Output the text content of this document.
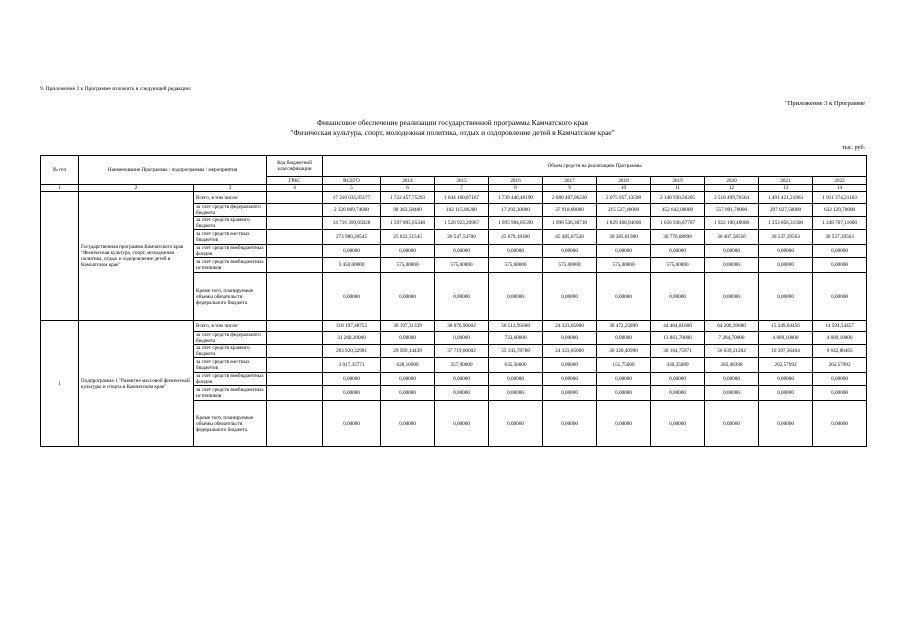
9. Приложение 3 к Программе изложить в следующей редакции:
"Приложение 3 к Программе
Финансовое обеспечение реализации государственной программы Камчатского края
"Физическая культура, спорт, молодежная политика, отдых и оздоровление детей в Камчатском крае"
тыс. руб.
№ п/п	Наименование Программы / подпрограммы / мероприятия		Код бюджетной классификации	Объем средств на реализацию Программы									
			ГРБС	ВСЕГО	2014	2015	2016	2017	2018	2019	2020	2021	2022
1	2	3	4	5	6	7	8	9	10	11	12	13	14
	Государственная программа Камчатского края "Физическая культура, спорт, молодежная политика, отдых и оздоровление детей в Камчатском крае"	Всего, в том числе:		17 310 635,95177	1 722 457,75293	1 644 160,87167	1 739 440,40190	2 080 407,06230	2 075 957,13598	2 140 930,56205	2 510 499,76564	1 491 421,21063	1 911 374,21163
		за счет средств федерального бюджета		2 320 809,74600	98 363,58400	102 115,06200	17 292,30000	37 910,00000	215 527,40000	452 642,00000	557 991,70000	207 027,50000	632 129,70000
		за счет средств краевого бюджета		14 716 399,05028	1 597 895,65348	1 520 923,20967	1 695 984,05590	1 996 536,38710	1 829 468,94698	1 656 936,87707	1 922 100,48008	1 253 856,31500	1 248 707,11600
		за счет средств местных бюджетов		273 980,20545	25 623,51545	20 547,54700	25 679,18300	45 485,67520	30 385,81900	30 776,08898	30 407,58556	30 537,39563	30 537,39563
		за счет средств внебюджетных фондов		0,00000	0,00000	0,00000	0,00000	0,00000	0,00000	0,00000	0,00000	0,00000	0,00000
		за счет средств внебюджетных источников		3 450,00000	575,00000	575,00000	575,00000	575,00000	575,00000	575,00000	0,00000	0,00000	0,00000
		Кроме того, планируемые объемы обязательств федерального бюджета		0,00000	0,00000	0,00000	0,00000	0,00000	0,00000	0,00000	0,00000	0,00000	0,00000
1	Подпрограмма 1 "Развитие массовой физической культуры и спорта в Камчатском крае"	Всего, в том числе:		318 197,48752	30 197,31339	38 076,90602	56 512,95668	24 323,65000	30 472,25890	44 464,81660	64 206,39680	15 349,04456	14 594,54457
		за счет средств федерального бюджета		31 260,20000	0,00000	0,00000	733,60000	0,00000	0,00000	13 863,70000	7 284,70000	4 689,10000	4 689,10000
		за счет средств краевого бюджета		283 920,32981	29 569,14439	37 719,00602	55 143,78788	24 323,65000	30 320,40990	30 164,75971	56 639,21282	10 397,36464	9 642,86465
		за счет средств местных бюджетов		3 017,35771	628,16900	357,90000	635,56000	0,00000	151,75000	436,35689	282,48398	262,57992	262,57992
		за счет средств внебюджетных фондов		0,00000	0,00000	0,00000	0,00000	0,00000	0,00000	0,00000	0,00000	0,00000	0,00000
		за счет средств внебюджетных источников		0,00000	0,00000	0,00000	0,00000	0,00000	0,00000	0,00000	0,00000	0,00000	0,00000
		Кроме того, планируемые объемы обязательств федерального бюджета		0,00000	0,00000	0,00000	0,00000	0,00000	0,00000	0,00000	0,00000	0,00000	0,00000
